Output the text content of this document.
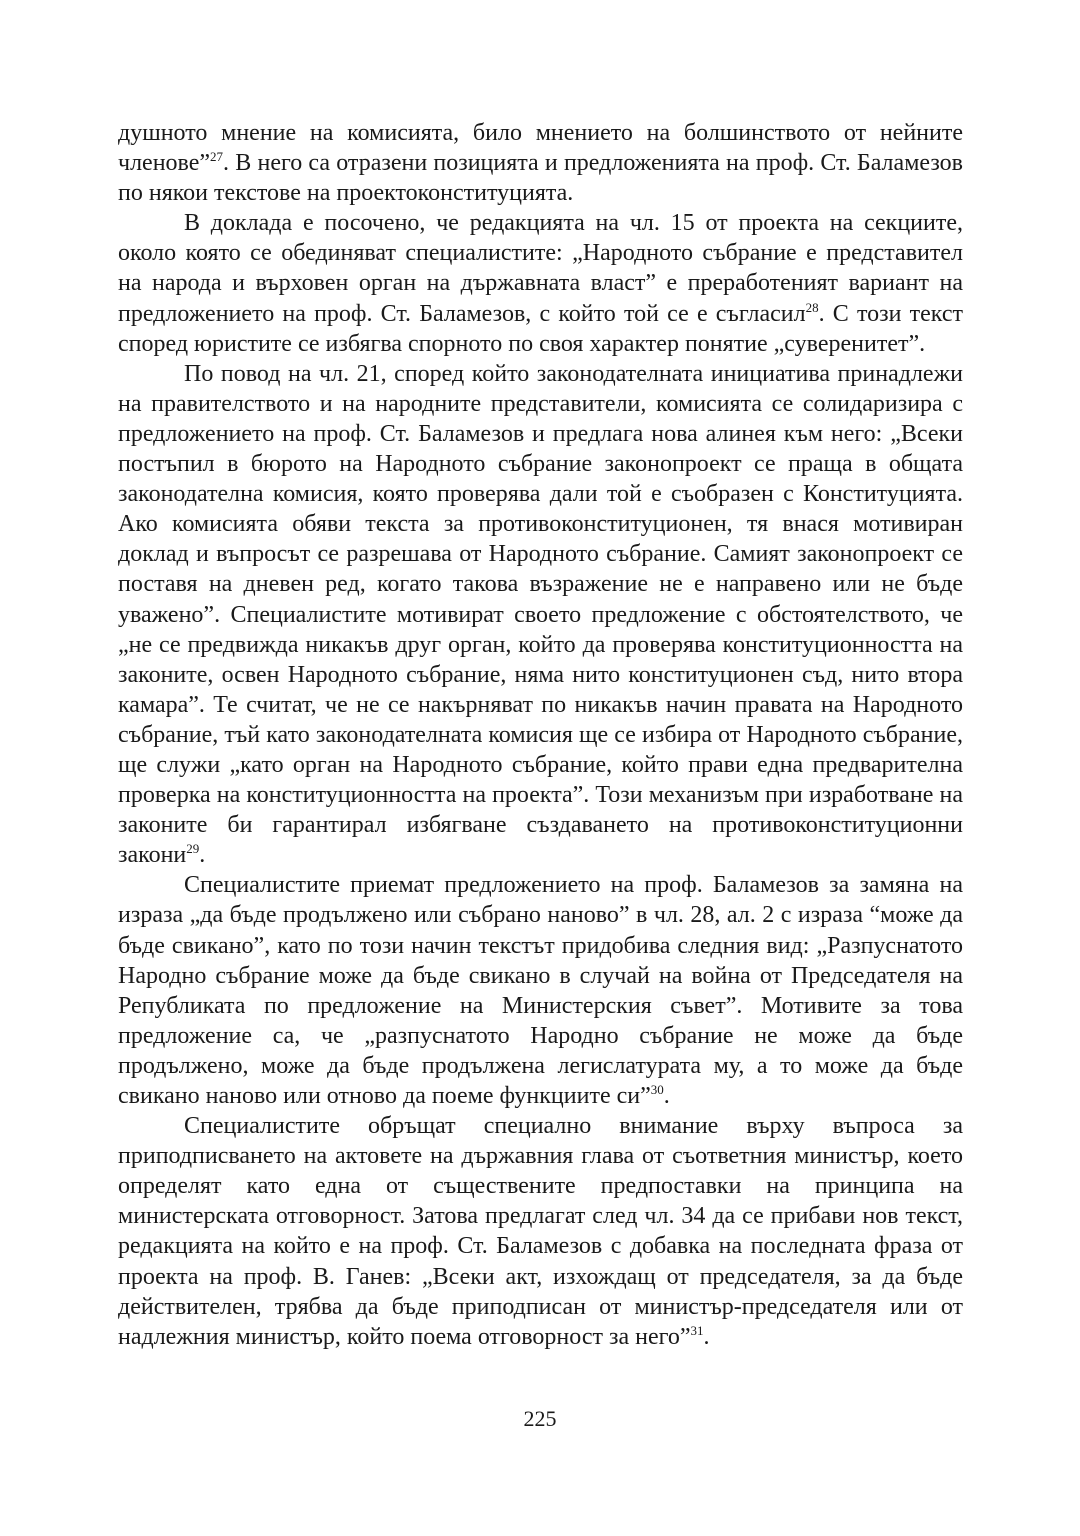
душното мнение на комисията, било мнението на болшинството от нейните членове”$^{27}$. В него са отразени позицията и предложенията на проф. Ст. Баламезов по някои текстове на проектоконституцията.

В доклада е посочено, че редакцията на чл. 15 от проекта на секциите, около която се обединяват специалистите: „Народното събрание е представител на народа и върховен орган на държавната власт” е преработеният вариант на предложението на проф. Ст. Баламезов, с който той се е съгласил$^{28}$. С този текст според юристите се избягва спорното по своя характер понятие „суверенитет”.

По повод на чл. 21, според който законодателната инициатива принадлежи на правителството и на народните представители, комисията се солидаризира с предложението на проф. Ст. Баламезов и предлага нова алинея към него: „Всеки постъпил в бюрото на Народното събрание законопроект се праща в общата законодателна комисия, която проверява дали той е съобразен с Конституцията. Ако комисията обяви текста за противоконституционен, тя внася мотивиран доклад и въпросът се разрешава от Народното събрание. Самият законопроект се поставя на дневен ред, когато такова възражение не е направено или не бъде уважено”. Специалистите мотивират своето предложение с обстоятелството, че „не се предвижда никакъв друг орган, който да проверява конституционността на законите, освен Народното събрание, няма нито конституционен съд, нито втора камара”. Те считат, че не се накърняват по никакъв начин правата на Народното събрание, тъй като законодателната комисия ще се избира от Народното събрание, ще служи „като орган на Народното събрание, който прави една предварителна проверка на конституционността на проекта”. Този механизъм при изработване на законите би гарантирал избягване създаването на противоконституционни закони$^{29}$.

Специалистите приемат предложението на проф. Баламезов за замяна на израза „да бъде продължено или събрано наново” в чл. 28, ал. 2 с израза “може да бъде свикано”, като по този начин текстът придобива следния вид: „Разпуснатото Народно събрание може да бъде свикано в случай на война от Председателя на Републиката по предложение на Министерския съвет”. Мотивите за това предложение са, че „разпуснатото Народно събрание не може да бъде продължено, може да бъде продължена легислатурата му, а то може да бъде свикано наново или отново да поеме функциите си”$^{30}$.

Специалистите обръщат специално внимание върху въпроса за приподписването на актовете на държавния глава от съответния министър, което определят като една от съществените предпоставки на принципа на министерската отговорност. Затова предлагат след чл. 34 да се прибави нов текст, редакцията на който е на проф. Ст. Баламезов с добавка на последната фраза от проекта на проф. В. Ганев: „Всеки акт, изхождащ от председателя, за да бъде действителен, трябва да бъде приподписан от министър-председателя или от надлежния министър, който поема отговорност за него”$^{31}$.

225
